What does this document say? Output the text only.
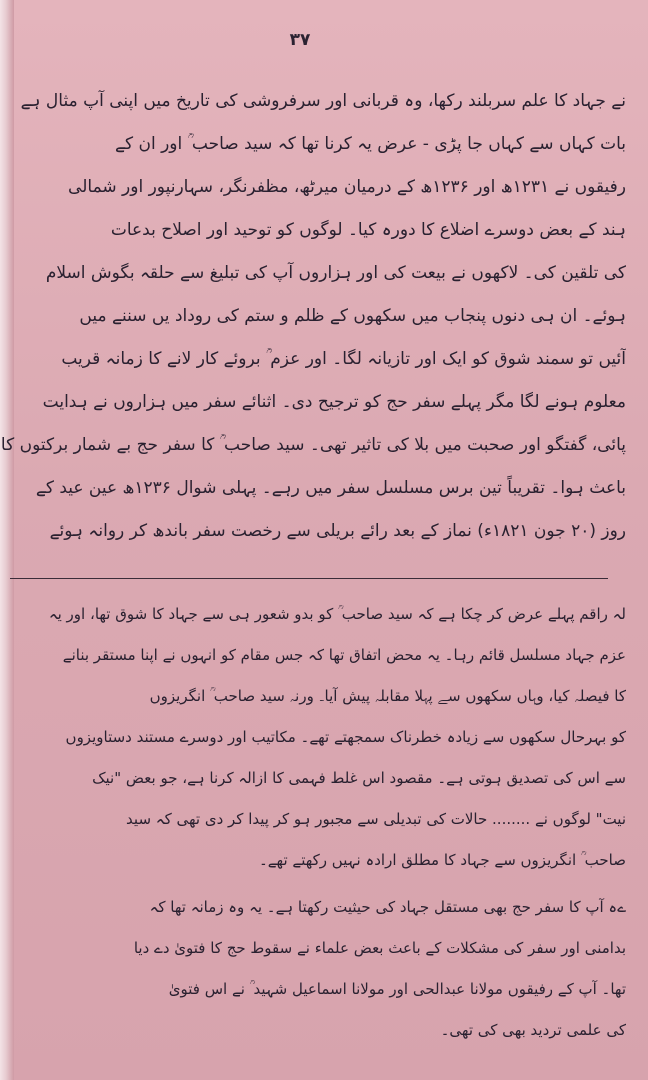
۳۷
نے جہاد کا علم سربلند رکھا، وہ قربانی اور سرفروشی کی تاریخ میں اپنی آپ مثال ہے
بات کہاں سے کہاں جا پڑی - عرض یہ کرنا تھا کہ سید صاحب ؒ اور ان کے
رفیقوں نے ۱۲۳۱ھ اور ۱۲۳۶ھ کے درمیان میرٹھ، مظفرنگر، سہارنپور اور شمالی
ہند کے بعض دوسرے اضلاع کا دورہ کیا۔ لوگوں کو توحید اور اصلاح بدعات
کی تلقین کی۔ لاکھوں نے بیعت کی اور ہزاروں آپ کی تبلیغ سے حلقہ بگوش اسلام
ہوئے۔ ان ہی دنوں پنجاب میں سکھوں کے ظلم و ستم کی روداد یں سننے میں
آئیں تو سمند شوق کو ایک اور تازیانہ لگا۔ اور عزم ؒ بروئے کار لانے کا زمانہ قریب
معلوم ہونے لگا مگر پہلے سفر حج کو ترجیح دی۔ اثنائے سفر میں ہزاروں نے ہدایت
پائی، گفتگو اور صحبت میں بلا کی تاثیر تھی۔ سید صاحب ؒ کا سفر حج بے شمار برکتوں کا
باعث ہوا۔ تقریباً تین برس مسلسل سفر میں رہے۔ پہلی شوال ۱۲۳۶ھ عین عید کے
روز (۲۰ جون ۱۸۲۱ء) نماز کے بعد رائے بریلی سے رخصت سفر باندھ کر روانہ ہوئے
لہ راقم پہلے عرض کر چکا ہے کہ سید صاحب ؒ کو بدو شعور ہی سے جہاد کا شوق تھا، اور یہ
عزم جہاد مسلسل قائم رہا۔ یہ محض اتفاق تھا کہ جس مقام کو انہوں نے اپنا مستقر بنانے
کا فیصلہ کیا، وہاں سکھوں سے پہلا مقابلہ پیش آیا۔ ورنہ سید صاحب ؒ انگریزوں
کو بہرحال سکھوں سے زیادہ خطرناک سمجھتے تھے۔ مکاتیب اور دوسرے مستند دستاویزوں
سے اس کی تصدیق ہوتی ہے۔ مقصود اس غلط فہمی کا ازالہ کرنا ہے، جو بعض "نیک
نیت" لوگوں نے ........ حالات کی تبدیلی سے مجبور ہو کر پیدا کر دی تھی کہ سید
صاحب ؒ انگریزوں سے جہاد کا مطلق ارادہ نہیں رکھتے تھے۔
ےہ آپ کا سفر حج بھی مستقل جہاد کی حیثیت رکھتا ہے۔ یہ وہ زمانہ تھا کہ
بدامنی اور سفر کی مشکلات کے باعث بعض علماء نے سقوط حج کا فتویٰ دے دیا
تھا۔ آپ کے رفیقوں مولانا عبدالحی اور مولانا اسماعیل شہید ؒ نے اس فتویٰ
کی علمی تردید بھی کی تھی۔
